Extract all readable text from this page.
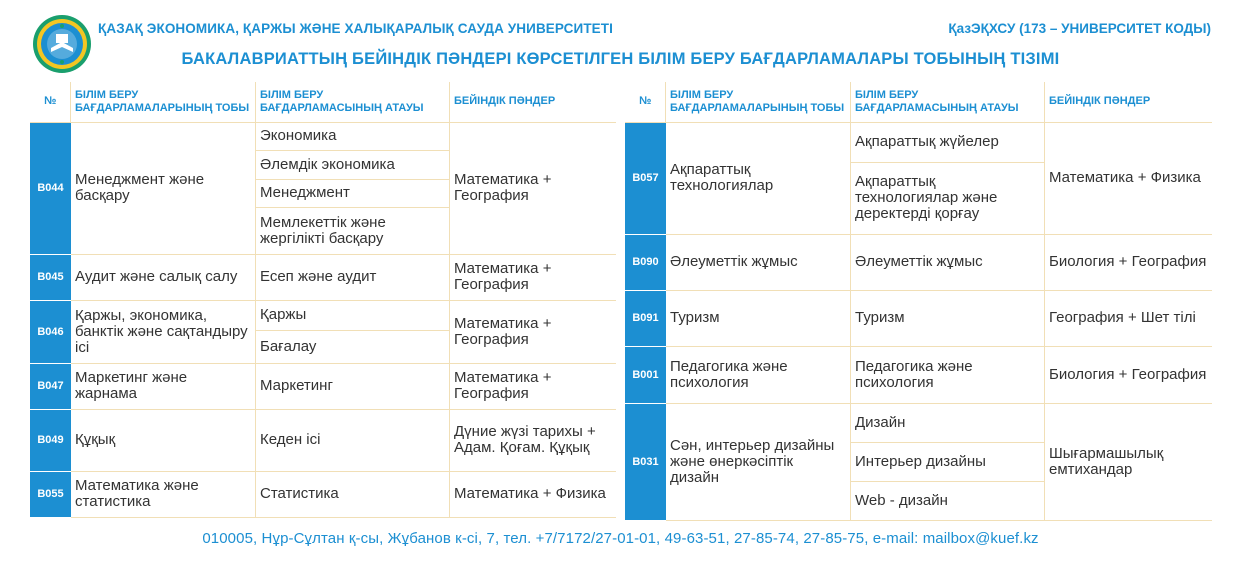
ҚАЗАҚ ЭКОНОМИКА, ҚАРЖЫ ЖӘНЕ ХАЛЫҚАРАЛЫҚ САУДА УНИВЕРСИТЕТІ	ҚазЭҚХСУ (173 – УНИВЕРСИТЕТ КОДЫ)
БАКАЛАВРИАТТЫҢ БЕЙІНДІК ПӘНДЕРІ КӨРСЕТІЛГЕН БІЛІМ БЕРУ БАҒДАРЛАМАЛАРЫ ТОБЫНЫҢ ТІЗІМІ
№	БІЛІМ БЕРУ БАҒДАРЛАМАЛАРЫНЫҢ ТОБЫ	БІЛІМ БЕРУ БАҒДАРЛАМАСЫНЫҢ АТАУЫ	БЕЙІНДІК ПӘНДЕР
B044	Менеджмент және басқару	Экономика	Математика + География
		Әлемдік экономика	
		Менеджмент	
		Мемлекеттік және жергілікті басқару	
B045	Аудит және салық салу	Есеп және аудит	Математика + География
B046	Қаржы, экономика, банктік және сақтандыру ісі	Қаржы	Математика + География
		Бағалау	
B047	Маркетинг және жарнама	Маркетинг	Математика + География
B049	Құқық	Кеден ісі	Дүние жүзі тарихы + Адам. Қоғам. Құқық
B055	Математика және статистика	Статистика	Математика + Физика
№	БІЛІМ БЕРУ БАҒДАРЛАМАЛАРЫНЫҢ ТОБЫ	БІЛІМ БЕРУ БАҒДАРЛАМАСЫНЫҢ АТАУЫ	БЕЙІНДІК ПӘНДЕР
B057	Ақпараттық технологиялар	Ақпараттық жүйелер	Математика + Физика
		Ақпараттық технологиялар және деректерді қорғау	
B090	Әлеуметтік жұмыс	Әлеуметтік жұмыс	Биология + География
B091	Туризм	Туризм	География + Шет тілі
B001	Педагогика және психология	Педагогика және психология	Биология + География
B031	Сән, интерьер дизайны және өнеркәсіптік дизайн	Дизайн	Шығармашылық емтихандар
		Интерьер дизайны	
		Web - дизайн	
010005, Нұр-Сұлтан қ-сы, Жұбанов к-сі, 7, тел. +7/7172/27-01-01, 49-63-51, 27-85-74, 27-85-75, e-mail: mailbox@kuef.kz
